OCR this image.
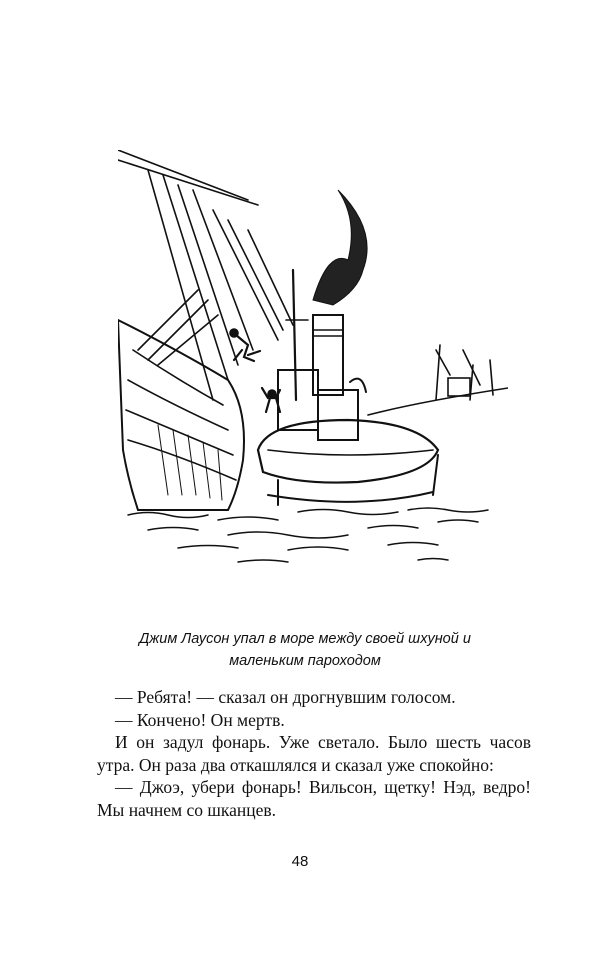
Джим Лаусон упал в море между своей шхуной и
маленьким пароходом

— Ребята! — сказал он дрогнувшим голосом.

— Кончено! Он мертв.

И он задул фонарь. Уже светало. Было шесть часов утра. Он раза два откашлялся и сказал уже спокойно:

— Джоэ, убери фонарь! Вильсон, щетку! Нэд, ведро! Мы начнем со шканцев.

48
